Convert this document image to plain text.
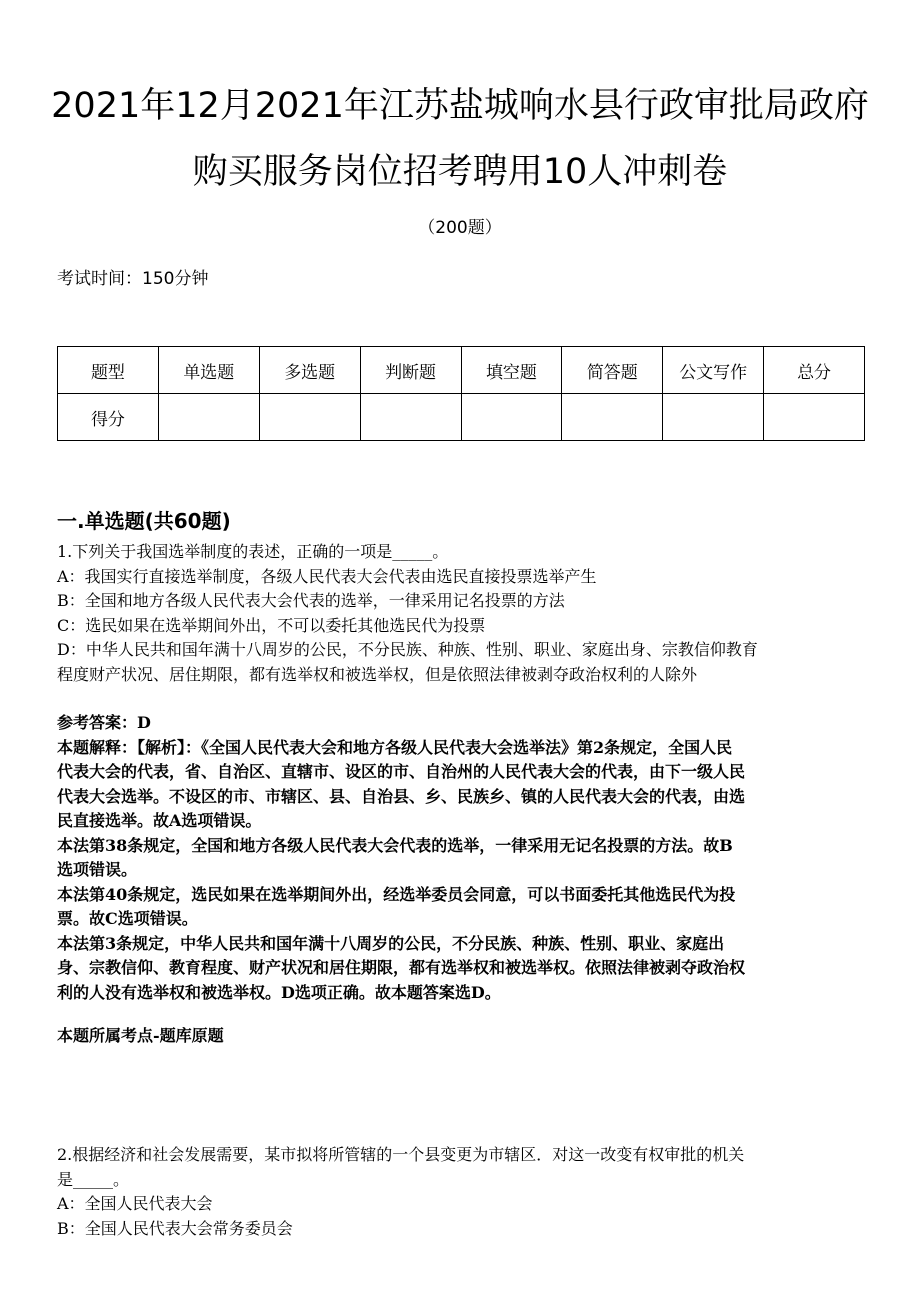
2021年12月2021年江苏盐城响水县行政审批局政府
购买服务岗位招考聘用10人冲刺卷
（200题）
考试时间：150分钟
题型	单选题	多选题	判断题	填空题	简答题	公文写作	总分
得分							
一.单选题(共60题)
1.下列关于我国选举制度的表述，正确的一项是_____。
A：我国实行直接选举制度，各级人民代表大会代表由选民直接投票选举产生
B：全国和地方各级人民代表大会代表的选举，一律采用记名投票的方法
C：选民如果在选举期间外出，不可以委托其他选民代为投票
D：中华人民共和国年满十八周岁的公民，不分民族、种族、性别、职业、家庭出身、宗教信仰教育
程度财产状况、居住期限，都有选举权和被选举权，但是依照法律被剥夺政治权利的人除外
参考答案：D
本题解释：【解析】：《全国人民代表大会和地方各级人民代表大会选举法》第2条规定，全国人民
代表大会的代表，省、自治区、直辖市、设区的市、自治州的人民代表大会的代表，由下一级人民
代表大会选举。不设区的市、市辖区、县、自治县、乡、民族乡、镇的人民代表大会的代表，由选
民直接选举。故A选项错误。
本法第38条规定，全国和地方各级人民代表大会代表的选举，一律采用无记名投票的方法。故B
选项错误。
本法第40条规定，选民如果在选举期间外出，经选举委员会同意，可以书面委托其他选民代为投
票。故C选项错误。
本法第3条规定，中华人民共和国年满十八周岁的公民，不分民族、种族、性别、职业、家庭出
身、宗教信仰、教育程度、财产状况和居住期限，都有选举权和被选举权。依照法律被剥夺政治权
利的人没有选举权和被选举权。D选项正确。故本题答案选D。
本题所属考点-题库原题
2.根据经济和社会发展需要，某市拟将所管辖的一个县变更为市辖区．对这一改变有权审批的机关
是_____。
A：全国人民代表大会
B：全国人民代表大会常务委员会
